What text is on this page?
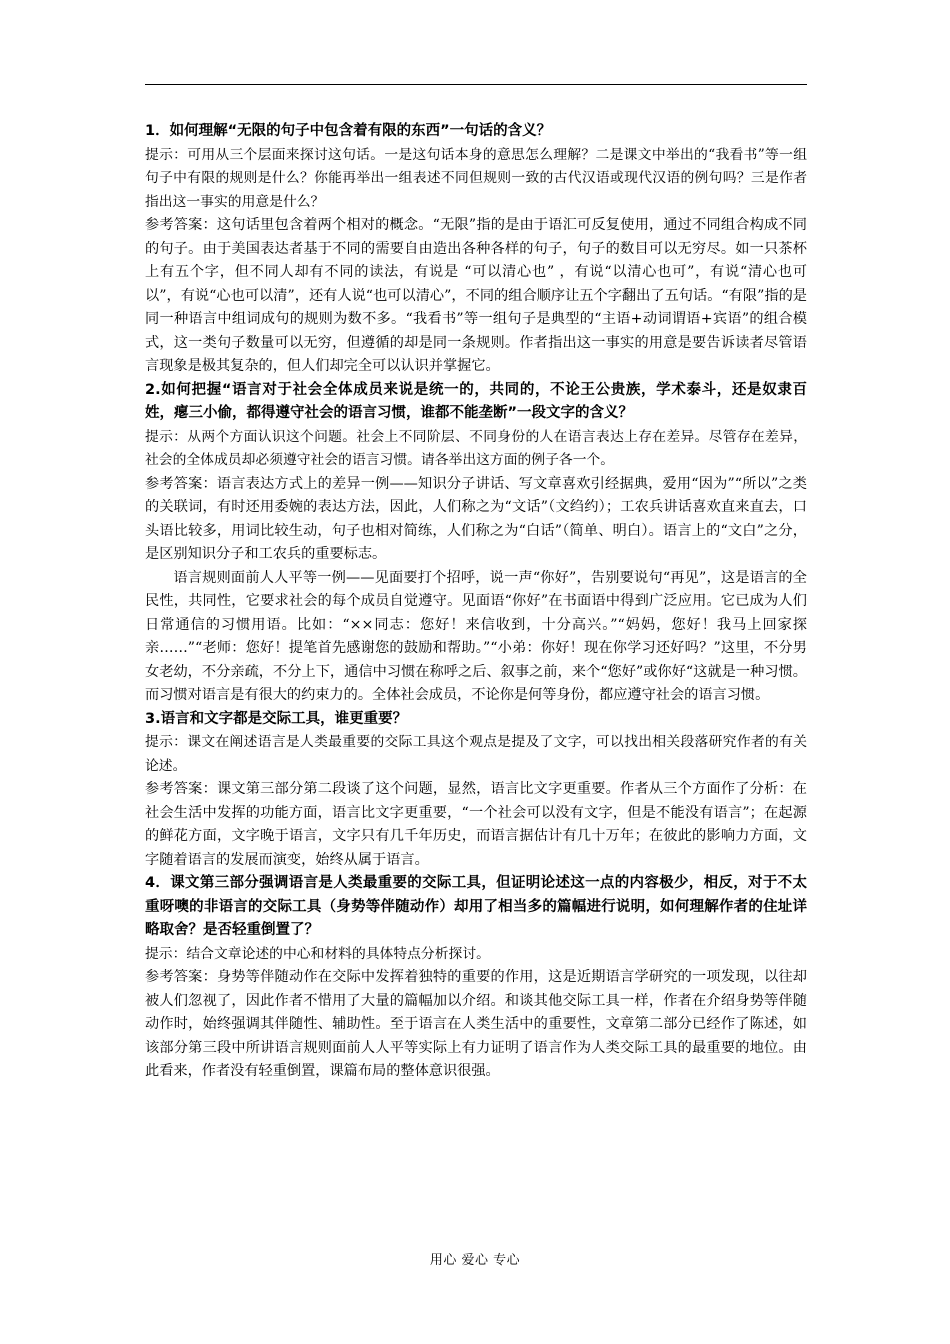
1．如何理解“无限的句子中包含着有限的东西”一句话的含义？

提示：可用从三个层面来探讨这句话。一是这句话本身的意思怎么理解？二是课文中举出的“我看书”等一组句子中有限的规则是什么？你能再举出一组表述不同但规则一致的古代汉语或现代汉语的例句吗？三是作者指出这一事实的用意是什么？

参考答案：这句话里包含着两个相对的概念。“无限”指的是由于语汇可反复使用，通过不同组合构成不同的句子。由于美国表达者基于不同的需要自由造出各种各样的句子，句子的数目可以无穷尽。如一只茶杯上有五个字，但不同人却有不同的读法，有说是 “可以清心也” ，有说“以清心也可”，有说“清心也可以”，有说“心也可以清”，还有人说“也可以清心”，不同的组合顺序让五个字翻出了五句话。“有限”指的是同一种语言中组词成句的规则为数不多。“我看书”等一组句子是典型的“主语+动词谓语+宾语”的组合模式，这一类句子数量可以无穷，但遵循的却是同一条规则。作者指出这一事实的用意是要告诉读者尽管语言现象是极其复杂的，但人们却完全可以认识并掌握它。

2.如何把握“语言对于社会全体成员来说是统一的，共同的，不论王公贵族，学术泰斗，还是奴隶百姓，瘪三小偷，都得遵守社会的语言习惯，谁都不能垄断”一段文字的含义？

提示：从两个方面认识这个问题。社会上不同阶层、不同身份的人在语言表达上存在差异。尽管存在差异，社会的全体成员却必须遵守社会的语言习惯。请各举出这方面的例子各一个。

参考答案：语言表达方式上的差异一例——知识分子讲话、写文章喜欢引经据典，爱用“因为”“所以”之类的关联词，有时还用委婉的表达方法，因此，人们称之为“文话”（文绉约）；工农兵讲话喜欢直来直去，口头语比较多，用词比较生动，句子也相对简练，人们称之为“白话”（简单、明白）。语言上的“文白”之分，是区别知识分子和工农兵的重要标志。

语言规则面前人人平等一例——见面要打个招呼，说一声“你好”，告别要说句“再见”，这是语言的全民性，共同性，它要求社会的每个成员自觉遵守。见面语“你好”在书面语中得到广泛应用。它已成为人们日常通信的习惯用语。比如：“××同志：您好！来信收到，十分高兴。”“妈妈，您好！我马上回家探亲……”“老师：您好！提笔首先感谢您的鼓励和帮助。”“小弟：你好！现在你学习还好吗？”这里，不分男女老幼，不分亲疏，不分上下，通信中习惯在称呼之后、叙事之前，来个“您好”或你好“这就是一种习惯。而习惯对语言是有很大的约束力的。全体社会成员，不论你是何等身份，都应遵守社会的语言习惯。

3.语言和文字都是交际工具，谁更重要？

提示：课文在阐述语言是人类最重要的交际工具这个观点是提及了文字，可以找出相关段落研究作者的有关论述。

参考答案：课文第三部分第二段谈了这个问题，显然，语言比文字更重要。作者从三个方面作了分析：在社会生活中发挥的功能方面，语言比文字更重要，“一个社会可以没有文字，但是不能没有语言”；在起源的鲜花方面，文字晚于语言，文字只有几千年历史，而语言据估计有几十万年；在彼此的影响力方面，文字随着语言的发展而演变，始终从属于语言。

4．课文第三部分强调语言是人类最重要的交际工具，但证明论述这一点的内容极少，相反，对于不太重呀噢的非语言的交际工具（身势等伴随动作）却用了相当多的篇幅进行说明，如何理解作者的住址详略取舍？是否轻重倒置了？

提示：结合文章论述的中心和材料的具体特点分析探讨。

参考答案：身势等伴随动作在交际中发挥着独特的重要的作用，这是近期语言学研究的一项发现，以往却被人们忽视了，因此作者不惜用了大量的篇幅加以介绍。和谈其他交际工具一样，作者在介绍身势等伴随动作时，始终强调其伴随性、辅助性。至于语言在人类生活中的重要性，文章第二部分已经作了陈述，如该部分第三段中所讲语言规则面前人人平等实际上有力证明了语言作为人类交际工具的最重要的地位。由此看来，作者没有轻重倒置，课篇布局的整体意识很强。

用心 爱心 专心
